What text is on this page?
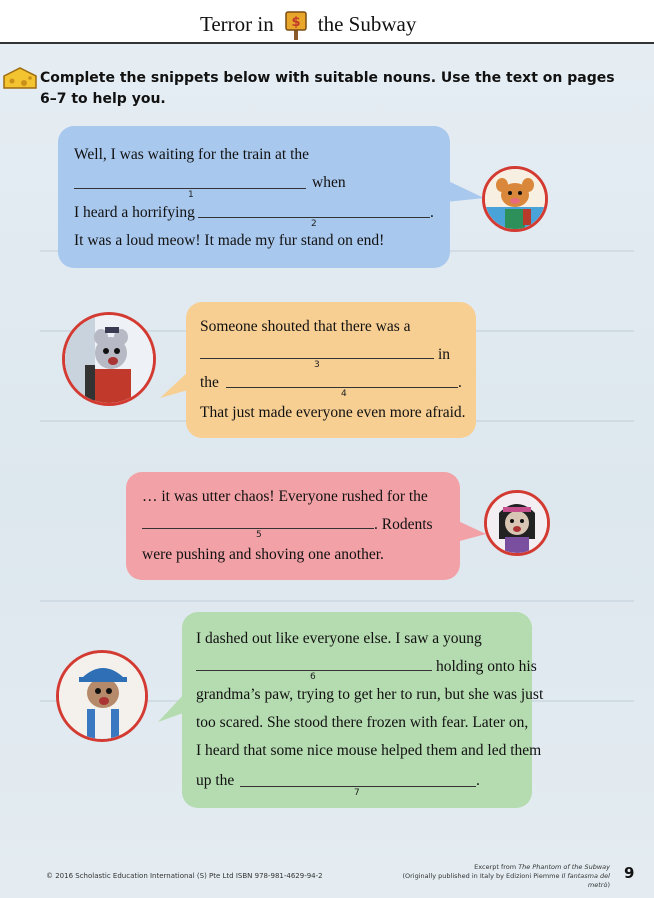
Terror in $ the Subway
Complete the snippets below with suitable nouns. Use the text on pages 6–7 to help you.
Well, I was waiting for the train at the
1
when
I heard a horrifying
2
.
It was a loud meow! It made my fur stand on end!
Someone shouted that there was a
3
in
the
4
.
That just made everyone even more afraid.
… it was utter chaos! Everyone rushed for the
5
. Rodents
were pushing and shoving one another.
I dashed out like everyone else. I saw a young
6
holding onto his
grandma’s paw, trying to get her to run, but she was just
too scared. She stood there frozen with fear. Later on,
I heard that some nice mouse helped them and led them
up the
7
.
© 2016 Scholastic Education International (S) Pte Ltd ISBN 978-981-4629-94-2
Excerpt from The Phantom of the Subway
(Originally published in Italy by Edizioni Piemme Il fantasma del metrò)
9
